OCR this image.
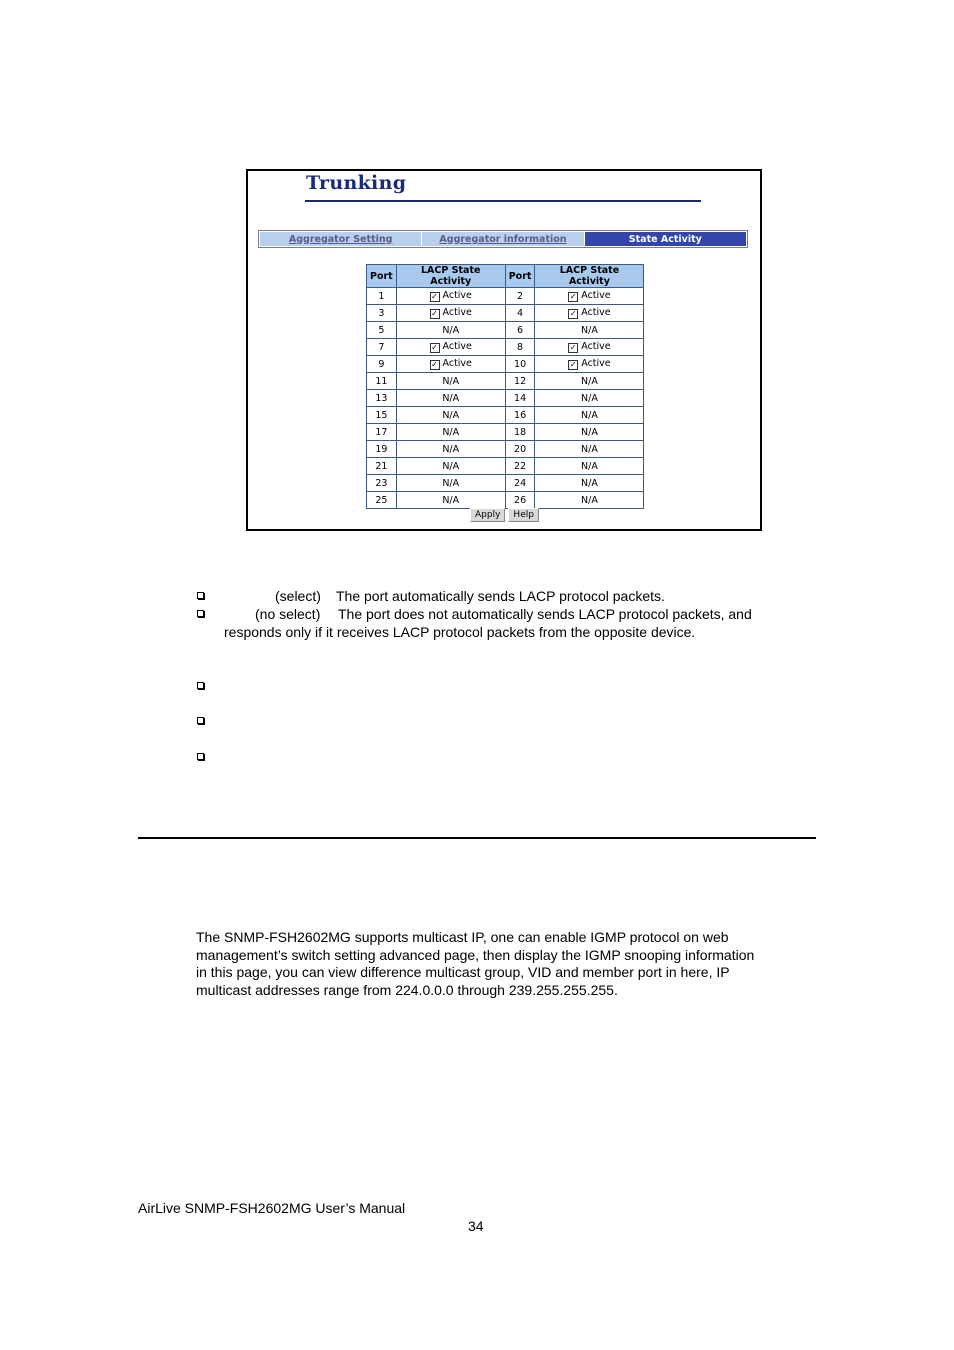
Trunking
Aggregator Setting	Aggregator information	State Activity
Port	LACP State Activity	Port	LACP State Activity
1	✓ Active	2	✓ Active
3	✓ Active	4	✓ Active
5	N/A	6	N/A
7	✓ Active	8	✓ Active
9	✓ Active	10	✓ Active
11	N/A	12	N/A
13	N/A	14	N/A
15	N/A	16	N/A
17	N/A	18	N/A
19	N/A	20	N/A
21	N/A	22	N/A
23	N/A	24	N/A
25	N/A	26	N/A
Apply	Help
(select) The port automatically sends LACP protocol packets.
(no select) The port does not automatically sends LACP protocol packets, and
responds only if it receives LACP protocol packets from the opposite device.
The SNMP-FSH2602MG supports multicast IP, one can enable IGMP protocol on web
management’s switch setting advanced page, then display the IGMP snooping information
in this page, you can view difference multicast group, VID and member port in here, IP
multicast addresses range from 224.0.0.0 through 239.255.255.255.
AirLive SNMP-FSH2602MG User’s Manual
34
